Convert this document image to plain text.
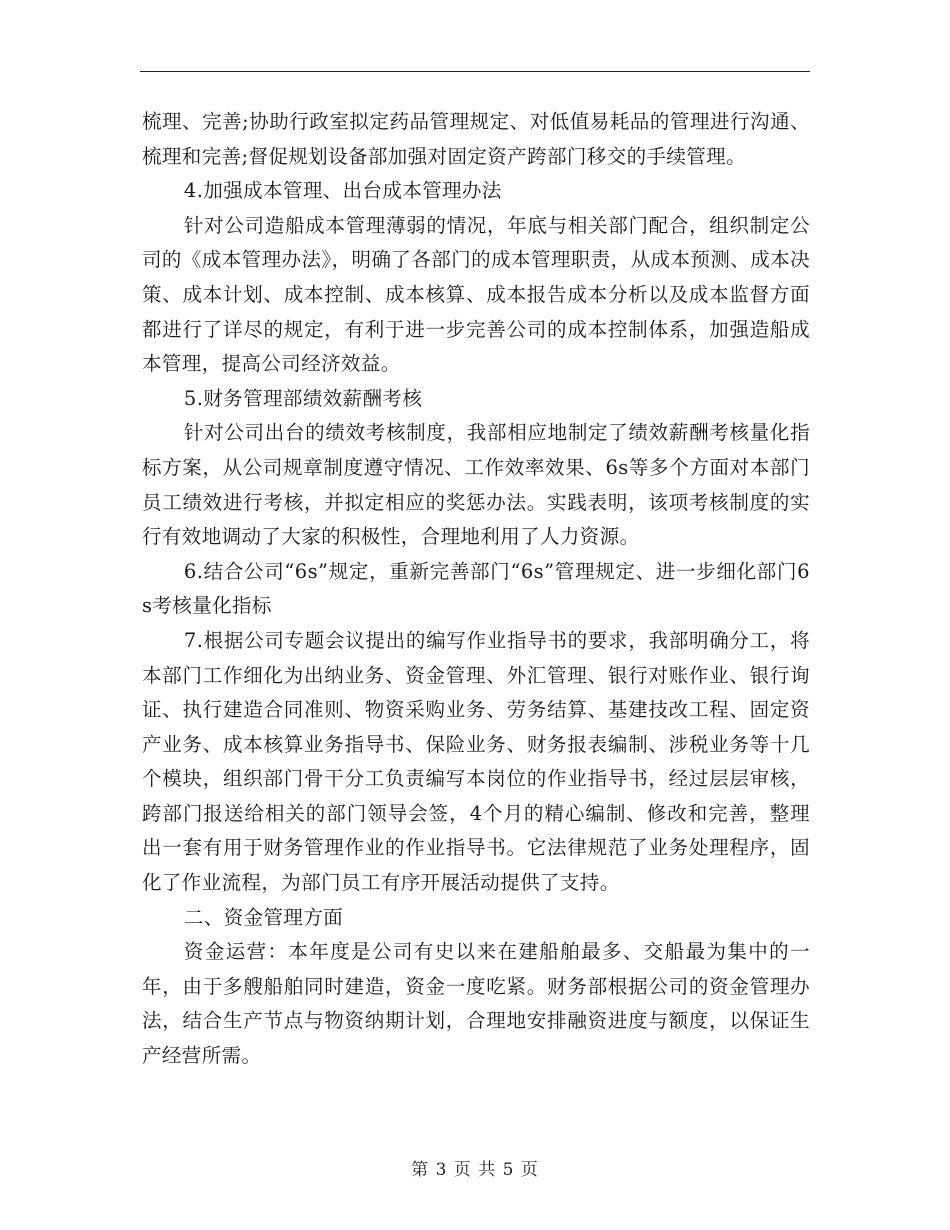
梳理、完善;协助行政室拟定药品管理规定、对低值易耗品的管理进行沟通、梳理和完善;督促规划设备部加强对固定资产跨部门移交的手续管理。

4.加强成本管理、出台成本管理办法

针对公司造船成本管理薄弱的情况，年底与相关部门配合，组织制定公司的《成本管理办法》，明确了各部门的成本管理职责，从成本预测、成本决策、成本计划、成本控制、成本核算、成本报告成本分析以及成本监督方面都进行了详尽的规定，有利于进一步完善公司的成本控制体系，加强造船成本管理，提高公司经济效益。

5.财务管理部绩效薪酬考核

针对公司出台的绩效考核制度，我部相应地制定了绩效薪酬考核量化指标方案，从公司规章制度遵守情况、工作效率效果、6s等多个方面对本部门员工绩效进行考核，并拟定相应的奖惩办法。实践表明，该项考核制度的实行有效地调动了大家的积极性，合理地利用了人力资源。

6.结合公司“6s”规定，重新完善部门“6s”管理规定、进一步细化部门6s考核量化指标

7.根据公司专题会议提出的编写作业指导书的要求，我部明确分工，将本部门工作细化为出纳业务、资金管理、外汇管理、银行对账作业、银行询证、执行建造合同准则、物资采购业务、劳务结算、基建技改工程、固定资产业务、成本核算业务指导书、保险业务、财务报表编制、涉税业务等十几个模块，组织部门骨干分工负责编写本岗位的作业指导书，经过层层审核，跨部门报送给相关的部门领导会签，4个月的精心编制、修改和完善，整理出一套有用于财务管理作业的作业指导书。它法律规范了业务处理程序，固化了作业流程，为部门员工有序开展活动提供了支持。

二、资金管理方面

资金运营：本年度是公司有史以来在建船舶最多、交船最为集中的一年，由于多艘船舶同时建造，资金一度吃紧。财务部根据公司的资金管理办法，结合生产节点与物资纳期计划，合理地安排融资进度与额度，以保证生产经营所需。

第 3 页 共 5 页
